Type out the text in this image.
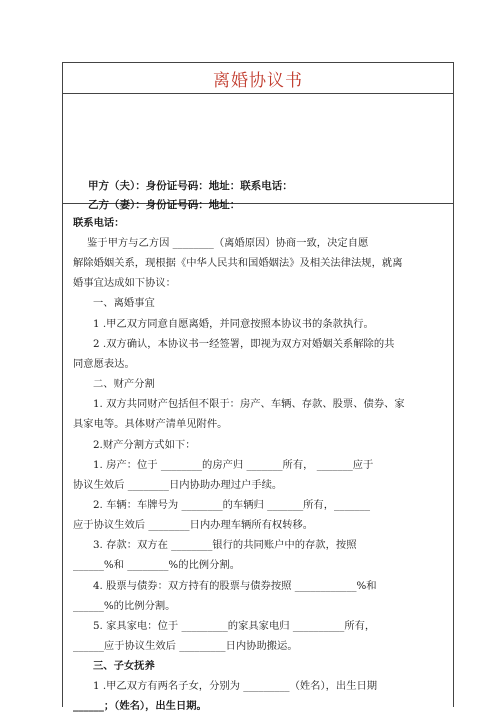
离婚协议书
甲方（夫）：身份证号码：地址：联系电话：
乙方（妻）：身份证号码：地址：
联系电话：
鉴于甲方与乙方因 ________（离婚原因）协商一致，决定自愿
解除婚姻关系，现根据《中华人民共和国婚姻法》及相关法律法规，就离
婚事宜达成如下协议：
一、离婚事宜
1 .甲乙双方同意自愿离婚，并同意按照本协议书的条款执行。
2 .双方确认，本协议书一经签署，即视为双方对婚姻关系解除的共
同意愿表达。
二、财产分割
1. 双方共同财产包括但不限于：房产、车辆、存款、股票、债券、家
具家电等。具体财产清单见附件。
2.财产分割方式如下：
1. 房产：位于 ________的房产归 _______所有， _______应于
协议生效后 ________日内协助办理过户手续。
2. 车辆：车牌号为 ________的车辆归 _______所有，_______
应于协议生效后 ________日内办理车辆所有权转移。
3. 存款：双方在 ________银行的共同账户中的存款，按照
______%和 ________%的比例分割。
4. 股票与债券：双方持有的股票与债券按照 ____________%和
______%的比例分割。
5. 家具家电：位于 _________的家具家电归 __________所有，
______应于协议生效后 _________日内协助搬运。
三、子女抚养
1 .甲乙双方有两名子女，分别为 _________（姓名），出生日期
______；（姓名），出生日期。
